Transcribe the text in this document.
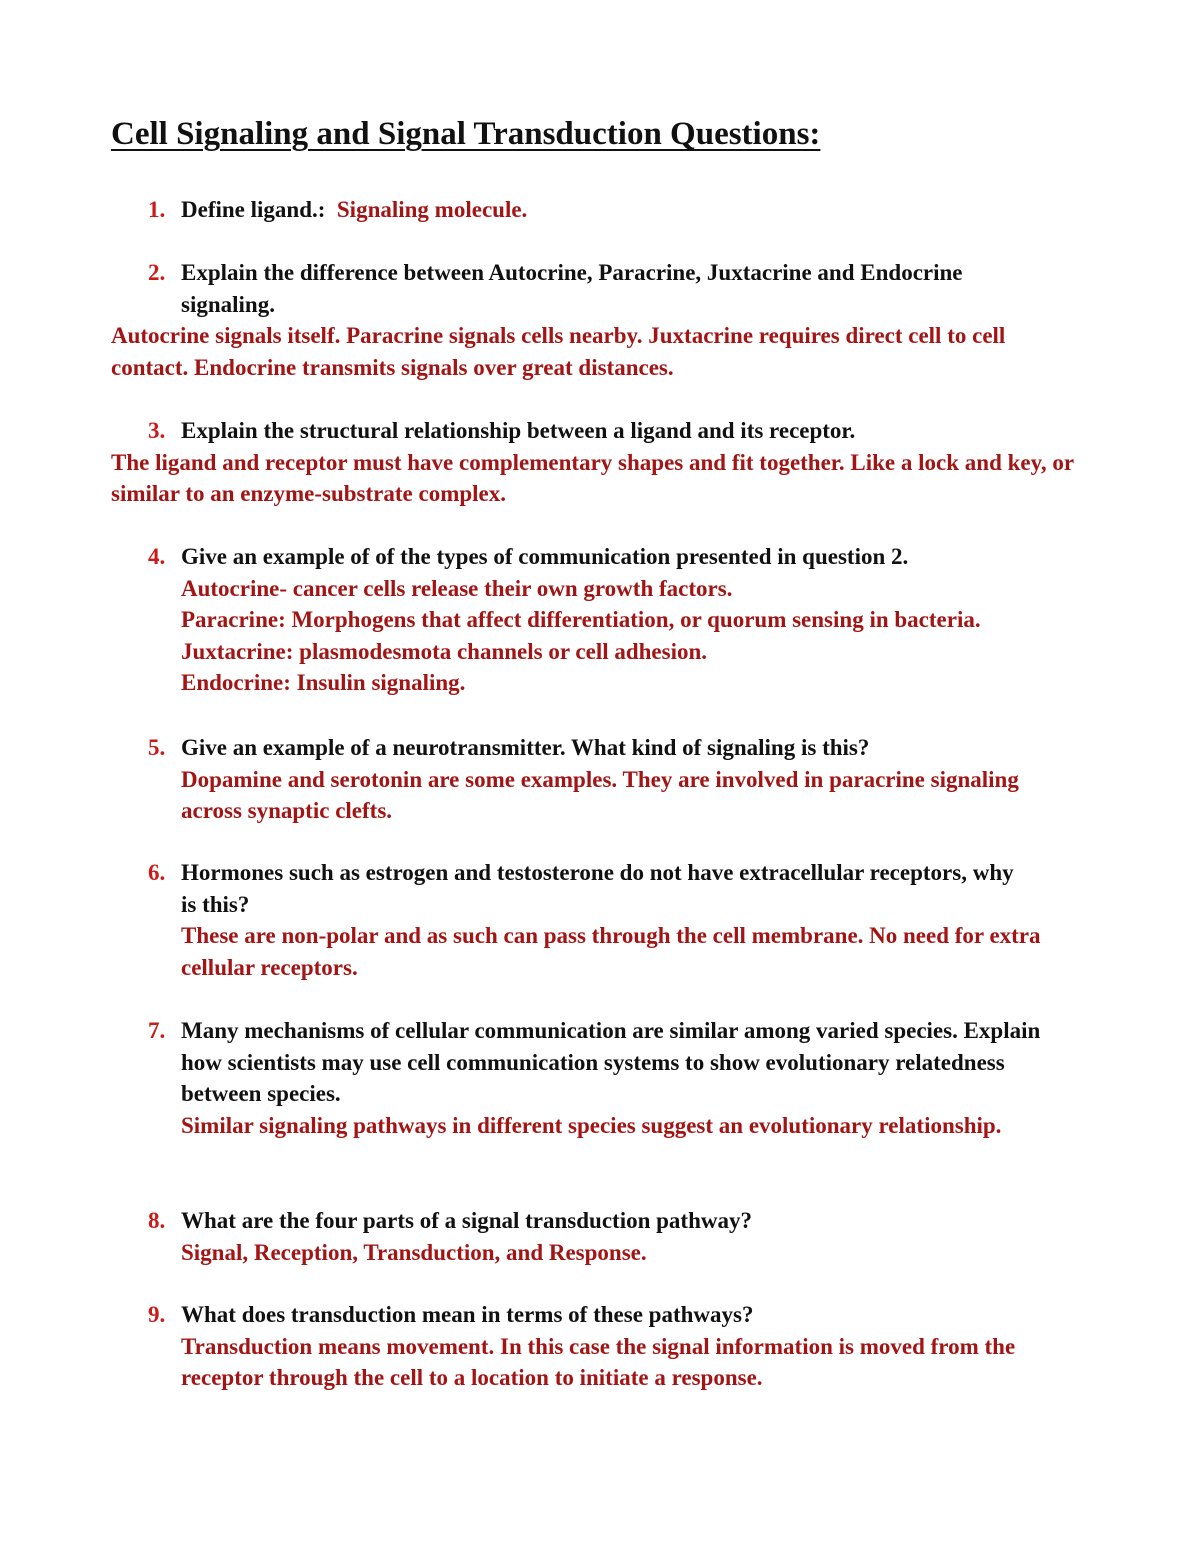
Cell Signaling and Signal Transduction Questions:
1. Define ligand.: Signaling molecule.
2. Explain the difference between Autocrine, Paracrine, Juxtacrine and Endocrine signaling.
Autocrine signals itself. Paracrine signals cells nearby. Juxtacrine requires direct cell to cell contact. Endocrine transmits signals over great distances.
3. Explain the structural relationship between a ligand and its receptor.
The ligand and receptor must have complementary shapes and fit together. Like a lock and key, or similar to an enzyme-substrate complex.
4. Give an example of of the types of communication presented in question 2.
Autocrine- cancer cells release their own growth factors.
Paracrine: Morphogens that affect differentiation, or quorum sensing in bacteria.
Juxtacrine: plasmodesmota channels or cell adhesion.
Endocrine: Insulin signaling.
5. Give an example of a neurotransmitter. What kind of signaling is this?
Dopamine and serotonin are some examples. They are involved in paracrine signaling across synaptic clefts.
6. Hormones such as estrogen and testosterone do not have extracellular receptors, why is this?
These are non-polar and as such can pass through the cell membrane. No need for extra cellular receptors.
7. Many mechanisms of cellular communication are similar among varied species. Explain how scientists may use cell communication systems to show evolutionary relatedness between species.
Similar signaling pathways in different species suggest an evolutionary relationship.
8. What are the four parts of a signal transduction pathway?
Signal, Reception, Transduction, and Response.
9. What does transduction mean in terms of these pathways?
Transduction means movement. In this case the signal information is moved from the receptor through the cell to a location to initiate a response.
